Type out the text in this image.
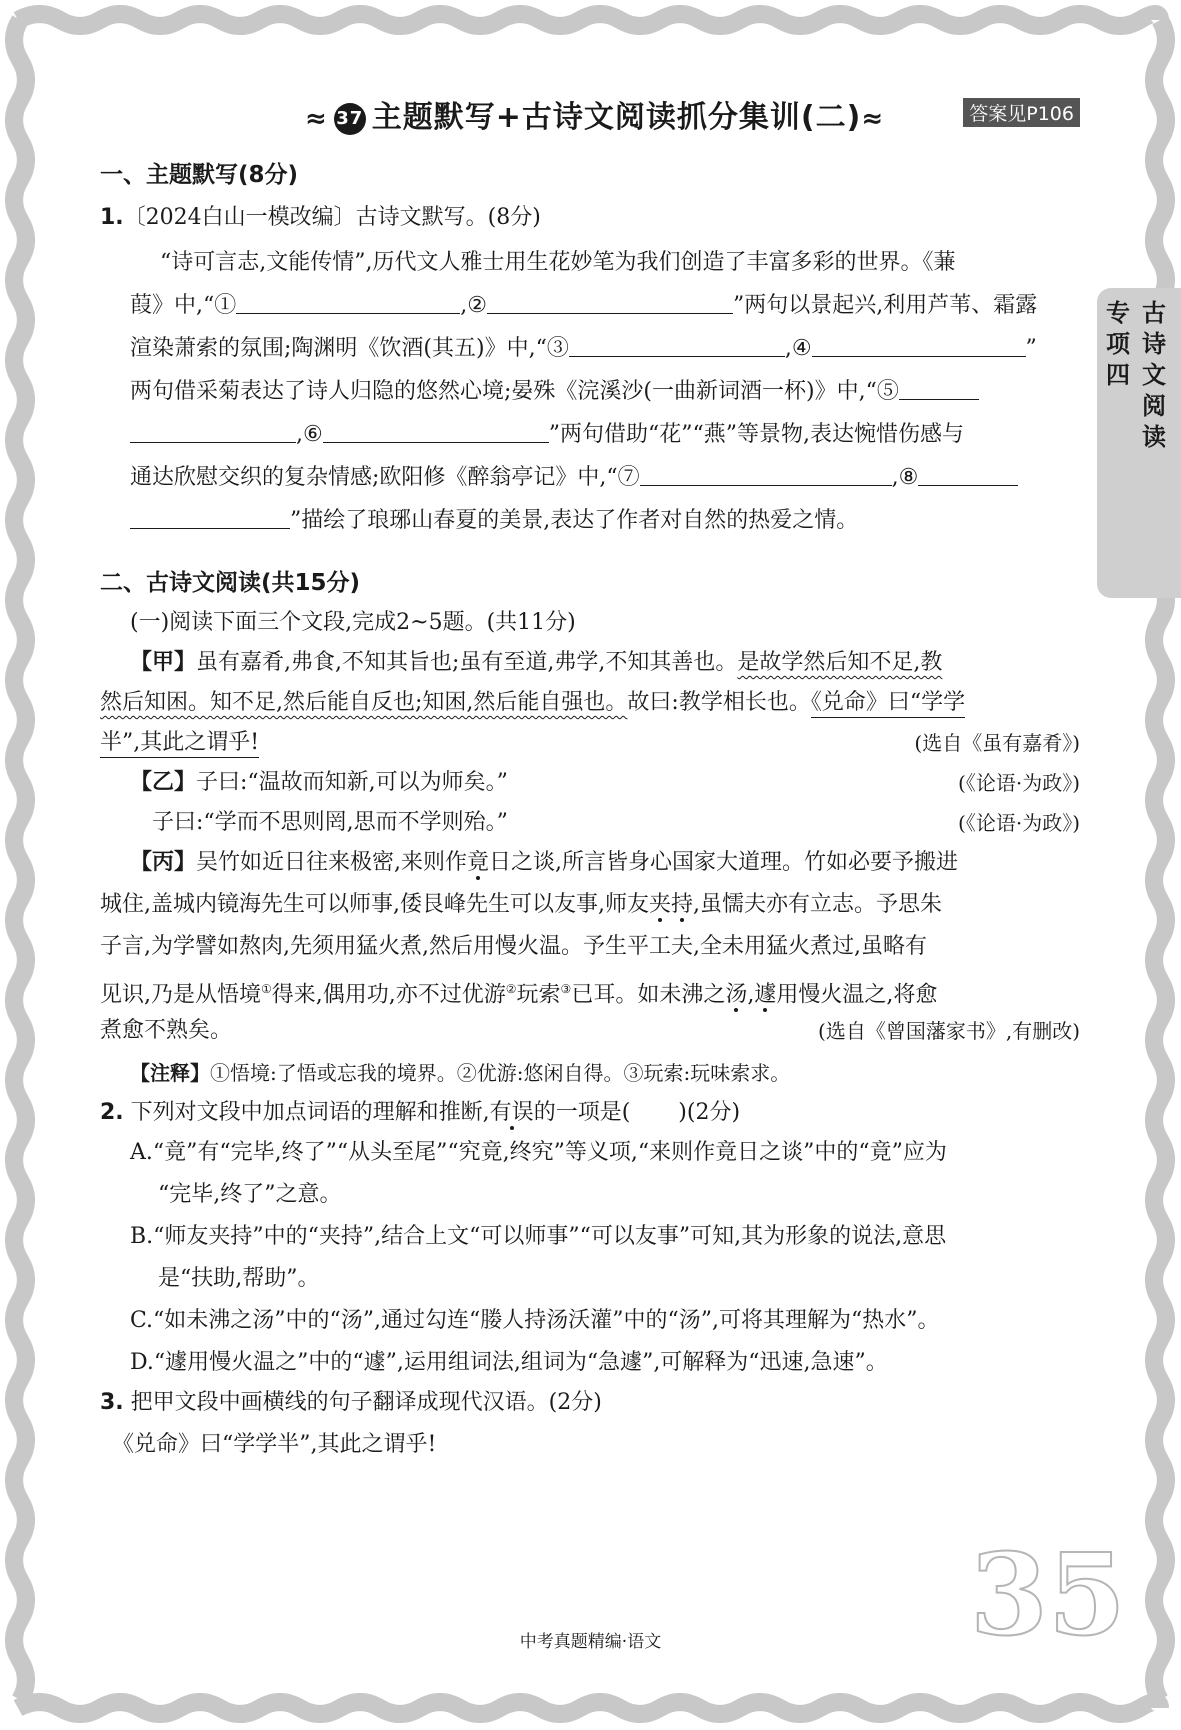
≈ 37 主题默写+古诗文阅读抓分集训(二)≈	答案见P106
专
项
四
古
诗
文
阅
读
一、主题默写(8分)
1.〔2024白山一模改编〕古诗文默写。(8分)
“诗可言志,文能传情”,历代文人雅士用生花妙笔为我们创造了丰富多彩的世界。《蒹
葭》中,“①	,②	”两句以景起兴,利用芦苇、霜露
渲染萧索的氛围;陶渊明《饮酒(其五)》中,“③	,④	”
两句借采菊表达了诗人归隐的悠然心境;晏殊《浣溪沙(一曲新词酒一杯)》中,“⑤
,⑥	”两句借助“花”“燕”等景物,表达惋惜伤感与
通达欣慰交织的复杂情感;欧阳修《醉翁亭记》中,“⑦	,⑧
”描绘了琅琊山春夏的美景,表达了作者对自然的热爱之情。
二、古诗文阅读(共15分)
(一)阅读下面三个文段,完成2~5题。(共11分)
【甲】虽有嘉肴,弗食,不知其旨也;虽有至道,弗学,不知其善也。是故学然后知不足,教
然后知困。知不足,然后能自反也;知困,然后能自强也。故曰:教学相长也。《兑命》曰“学学
半”,其此之谓乎!	(选自《虽有嘉肴》)
【乙】子曰:“温故而知新,可以为师矣。”	(《论语·为政》)
子曰:“学而不思则罔,思而不学则殆。”	(《论语·为政》)
【丙】吴竹如近日往来极密,来则作竟日之谈,所言皆身心国家大道理。竹如必要予搬进
城住,盖城内镜海先生可以师事,倭艮峰先生可以友事,师友夹持,虽懦夫亦有立志。予思朱
子言,为学譬如熬肉,先须用猛火煮,然后用慢火温。予生平工夫,全未用猛火煮过,虽略有
见识,乃是从悟境①得来,偶用功,亦不过优游②玩索③已耳。如未沸之汤,遽用慢火温之,将愈
煮愈不熟矣。	(选自《曾国藩家书》,有删改)
【注释】①悟境:了悟或忘我的境界。②优游:悠闲自得。③玩索:玩味索求。
2. 下列对文段中加点词语的理解和推断,有误的一项是( )(2分)
A.“竟”有“完毕,终了”“从头至尾”“究竟,终究”等义项,“来则作竟日之谈”中的“竟”应为
“完毕,终了”之意。
B.“师友夹持”中的“夹持”,结合上文“可以师事”“可以友事”可知,其为形象的说法,意思
是“扶助,帮助”。
C.“如未沸之汤”中的“汤”,通过勾连“媵人持汤沃灌”中的“汤”,可将其理解为“热水”。
D.“遽用慢火温之”中的“遽”,运用组词法,组词为“急遽”,可解释为“迅速,急速”。
3. 把甲文段中画横线的句子翻译成现代汉语。(2分)
《兑命》曰“学学半”,其此之谓乎!
35
中考真题精编·语文
